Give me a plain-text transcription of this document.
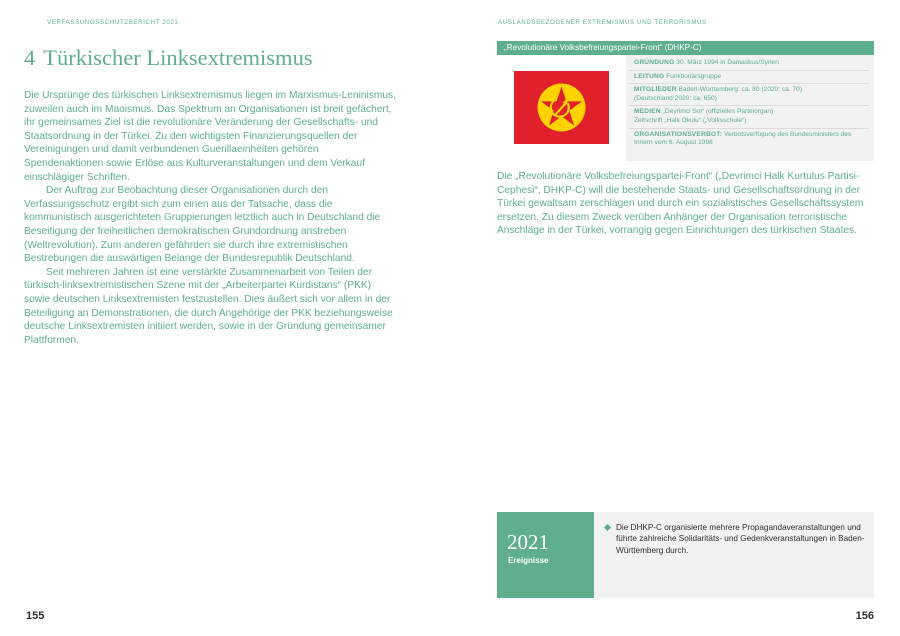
VERFASSUNGSSCHUTZBERICHT 2021
4 Türkischer Linksextremismus

Die Ursprünge des türkischen Linksextremismus liegen im Marxismus-Leninismus, zuweilen auch im Maoismus. Das Spektrum an Organisationen ist breit gefächert, ihr gemeinsames Ziel ist die revolutionäre Veränderung der Gesellschafts- und Staatsordnung in der Türkei. Zu den wichtigsten Finanzierungsquellen der Vereinigungen und damit verbundenen Guerillaeinheiten gehören Spendenaktionen sowie Erlöse aus Kulturveranstaltungen und dem Verkauf einschlägiger Schriften.

Der Auftrag zur Beobachtung dieser Organisationen durch den Verfassungsschutz ergibt sich zum einen aus der Tatsache, dass die kommunistisch ausgerichteten Gruppierungen letztlich auch in Deutschland die Beseitigung der freiheitlichen demokratischen Grundordnung anstreben (Weltrevolution). Zum anderen gefährden sie durch ihre extremistischen Bestrebungen die auswärtigen Belange der Bundesrepublik Deutschland.

Seit mehreren Jahren ist eine verstärkte Zusammenarbeit von Teilen der türkisch-linksextremistischen Szene mit der „Arbeiterpartei Kurdistans“ (PKK) sowie deutschen Linksextremisten festzustellen. Dies äußert sich vor allem in der Beteiligung an Demonstrationen, die durch Angehörige der PKK beziehungsweise deutsche Linksextremisten initiiert werden, sowie in der Gründung gemeinsamer Plattformen.

155
AUSLANDSBEZOGENER EXTREMISMUS UND TERRORISMUS
„Revolutionäre Volksbefreiungspartei-Front“ (DHKP-C)
GRÜNDUNG 30. März 1994 in Damaskus/Syrien
LEITUNG Funktionärsgruppe
MITGLIEDER Baden-Württemberg: ca. 80 (2020: ca. 70)
(Deutschland 2020: ca. 650)
MEDIEN „Devrimci Sol“ (offizielles Parteiorgan)
Zeitschrift „Halk Okulu“ („Volksschule“)
ORGANISATIONSVERBOT: Verbotsverfügung des Bundesministers des
Innern vom 6. August 1998

Die „Revolutionäre Volksbefreiungspartei-Front“ („Devrimci Halk Kurtulus Partisi-Cephesi“, DHKP-C) will die bestehende Staats- und Gesellschaftsordnung in der Türkei gewaltsam zerschlagen und durch ein sozialistisches Gesellschaftssystem ersetzen. Zu diesem Zweck verüben Anhänger der Organisation terroristische Anschläge in der Türkei, vorrangig gegen Einrichtungen des türkischen Staates.

2021
Ereignisse
Die DHKP-C organisierte mehrere Propagandaveranstaltungen und führte zahlreiche Solidaritäts- und Gedenkveranstaltungen in Baden-Württemberg durch.
156
